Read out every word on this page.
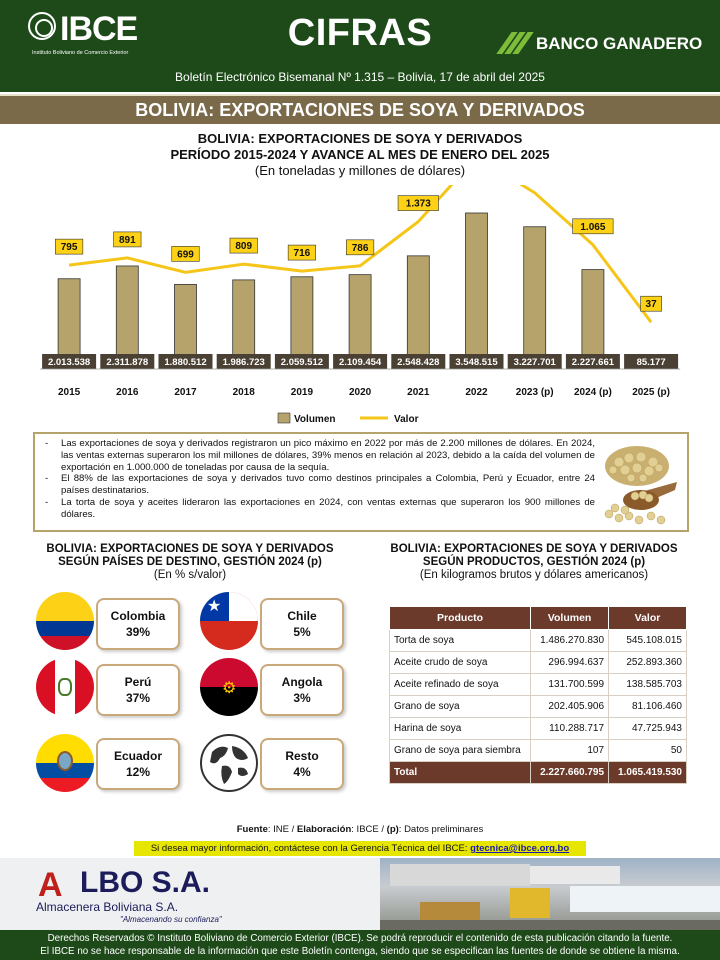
IBCE
Instituto Boliviano de Comercio Exterior	CIFRAS	BANCO GANADERO
Boletín Electrónico Bisemanal Nº 1.315 – Bolivia, 17 de abril del 2025
BOLIVIA: EXPORTACIONES DE SOYA Y DERIVADOS
BOLIVIA: EXPORTACIONES DE SOYA Y DERIVADOS
PERÍODO 2015-2024 Y AVANCE AL MES DE ENERO DEL 2025
(En toneladas y millones de dólares)
795
891
699
809
716	786
1.373
1.065
37
2.013.538 2.311.878 1.880.512 1.986.723 2.059.512 2.109.454 2.548.428 3.548.515 3.227.701 2.227.661 85.177
2015	2016	2017	2018	2019	2020	2021	2022	2023 (p) 2024 (p) 2025 (p)
Volumen	Valor
- Las exportaciones de soya y derivados registraron un pico máximo en 2022 por más de 2.200 millones de dólares. En 2024, las ventas externas superaron los mil millones de dólares, 39% menos en relación al 2023, debido a la caída del volumen de exportación en 1.000.000 de toneladas por causa de la sequía.
- El 88% de las exportaciones de soya y derivados tuvo como destinos principales a Colombia, Perú y Ecuador, entre 24 países destinatarios.
- La torta de soya y aceites lideraron las exportaciones en 2024, con ventas externas que superaron los 900 millones de dólares.
BOLIVIA: EXPORTACIONES DE SOYA Y DERIVADOS
SEGÚN PAÍSES DE DESTINO, GESTIÓN 2024 (p)
(En % s/valor)
Colombia
39%
★
Chile
5%
Perú
37%
⚙	Angola
3%
Ecuador
12%
Resto
4%
BOLIVIA: EXPORTACIONES DE SOYA Y DERIVADOS
SEGÚN PRODUCTOS, GESTIÓN 2024 (p)
(En kilogramos brutos y dólares americanos)
Producto	Volumen	Valor
Torta de soya	1.486.270.830	545.108.015
Aceite crudo de soya	296.994.637	252.893.360
Aceite refinado de soya	131.700.599	138.585.703
Grano de soya	202.405.906	81.106.460
Harina de soya	110.288.717	47.725.943
Grano de soya para siembra	107	50
Total	2.227.660.795	1.065.419.530
Fuente: INE / Elaboración: IBCE / (p): Datos preliminares
Si desea mayor información, contáctese con la Gerencia Técnica del IBCE: gtecnica@ibce.org.bo
A LBO S.A.
Almacenera Boliviana S.A.
"Almacenando su confianza"
Derechos Reservados © Instituto Boliviano de Comercio Exterior (IBCE). Se podrá reproducir el contenido de esta publicación citando la fuente.
El IBCE no se hace responsable de la información que este Boletín contenga, siendo que se especifican las fuentes de donde se obtiene la misma.
